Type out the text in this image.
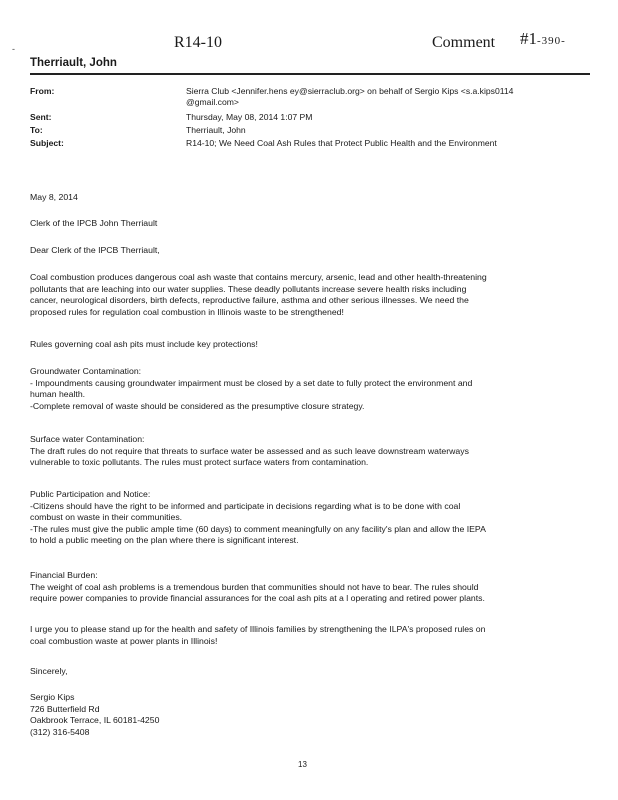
-	R14-10	Comment #1-390-
Therriault, John
From:	Sierra Club <Jennifer.hens ey@sierraclub.org> on behalf of Sergio Kips <s.a.kips0114
@gmail.com>
Sent:	Thursday, May 08, 2014 1:07 PM
To:	Therriault, John
Subject:	R14-10; We Need Coal Ash Rules that Protect Public Health and the Environment
May 8, 2014
Clerk of the IPCB John Therriault
Dear Clerk of the IPCB Therriault,
Coal combustion produces dangerous coal ash waste that contains mercury, arsenic, lead and other health-threatening
pollutants that are leaching into our water supplies. These deadly pollutants increase severe health risks including
cancer, neurological disorders, birth defects, reproductive failure, asthma and other serious illnesses. We need the
proposed rules for regulation coal combustion in Illinois waste to be strengthened!
Rules governing coal ash pits must include key protections!
Groundwater Contamination:
- Impoundments causing groundwater impairment must be closed by a set date to fully protect the environment and
human health.
-Complete removal of waste should be considered as the presumptive closure strategy.
Surface water Contamination:
The draft rules do not require that threats to surface water be assessed and as such leave downstream waterways
vulnerable to toxic pollutants. The rules must protect surface waters from contamination.
Public Participation and Notice:
-Citizens should have the right to be informed and participate in decisions regarding what is to be done with coal
combust on waste in their communities.
-The rules must give the public ample time (60 days) to comment meaningfully on any facility's plan and allow the IEPA
to hold a public meeting on the plan where there is significant interest.
Financial Burden:
The weight of coal ash problems is a tremendous burden that communities should not have to bear. The rules should
require power companies to provide financial assurances for the coal ash pits at a l operating and retired power plants.
I urge you to please stand up for the health and safety of Illinois families by strengthening the ILPA's proposed rules on
coal combustion waste at power plants in Illinois!
Sincerely,
Sergio Kips
726 Butterfield Rd
Oakbrook Terrace, IL 60181-4250
(312) 316-5408
13
